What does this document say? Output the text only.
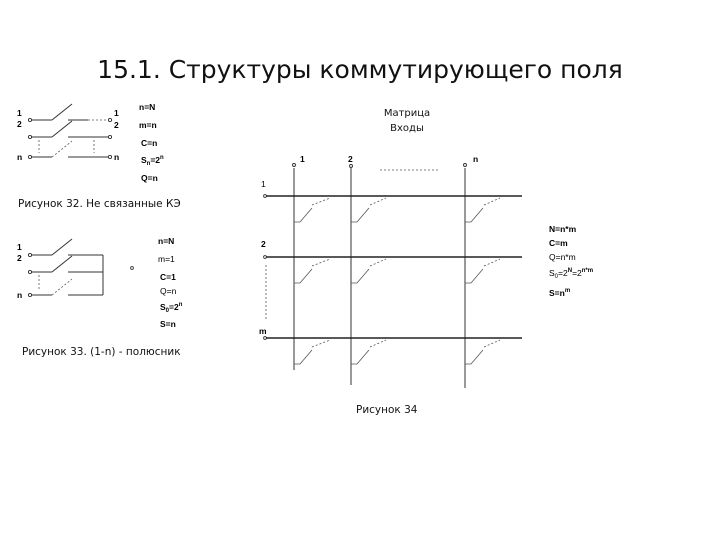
15.1. Структуры коммутирующего поля
Рисунок 32. Не связанные КЭ
Рисунок 33. (1-n) - полюсник
Рисунок 34
Матрица
Входы
1
2
n
1
2
n
n=N
m=n
C=n
$Sn=2^n$
Q=n
1
2
n
n=N
m=1
C=1
Q=n
$S0=2^n$
S=n
1	2	n
1
2
m
N=n*m
C=m
Q=n*m
$S0=2^N_{=2}^{n*m}$
$S=n^m$
